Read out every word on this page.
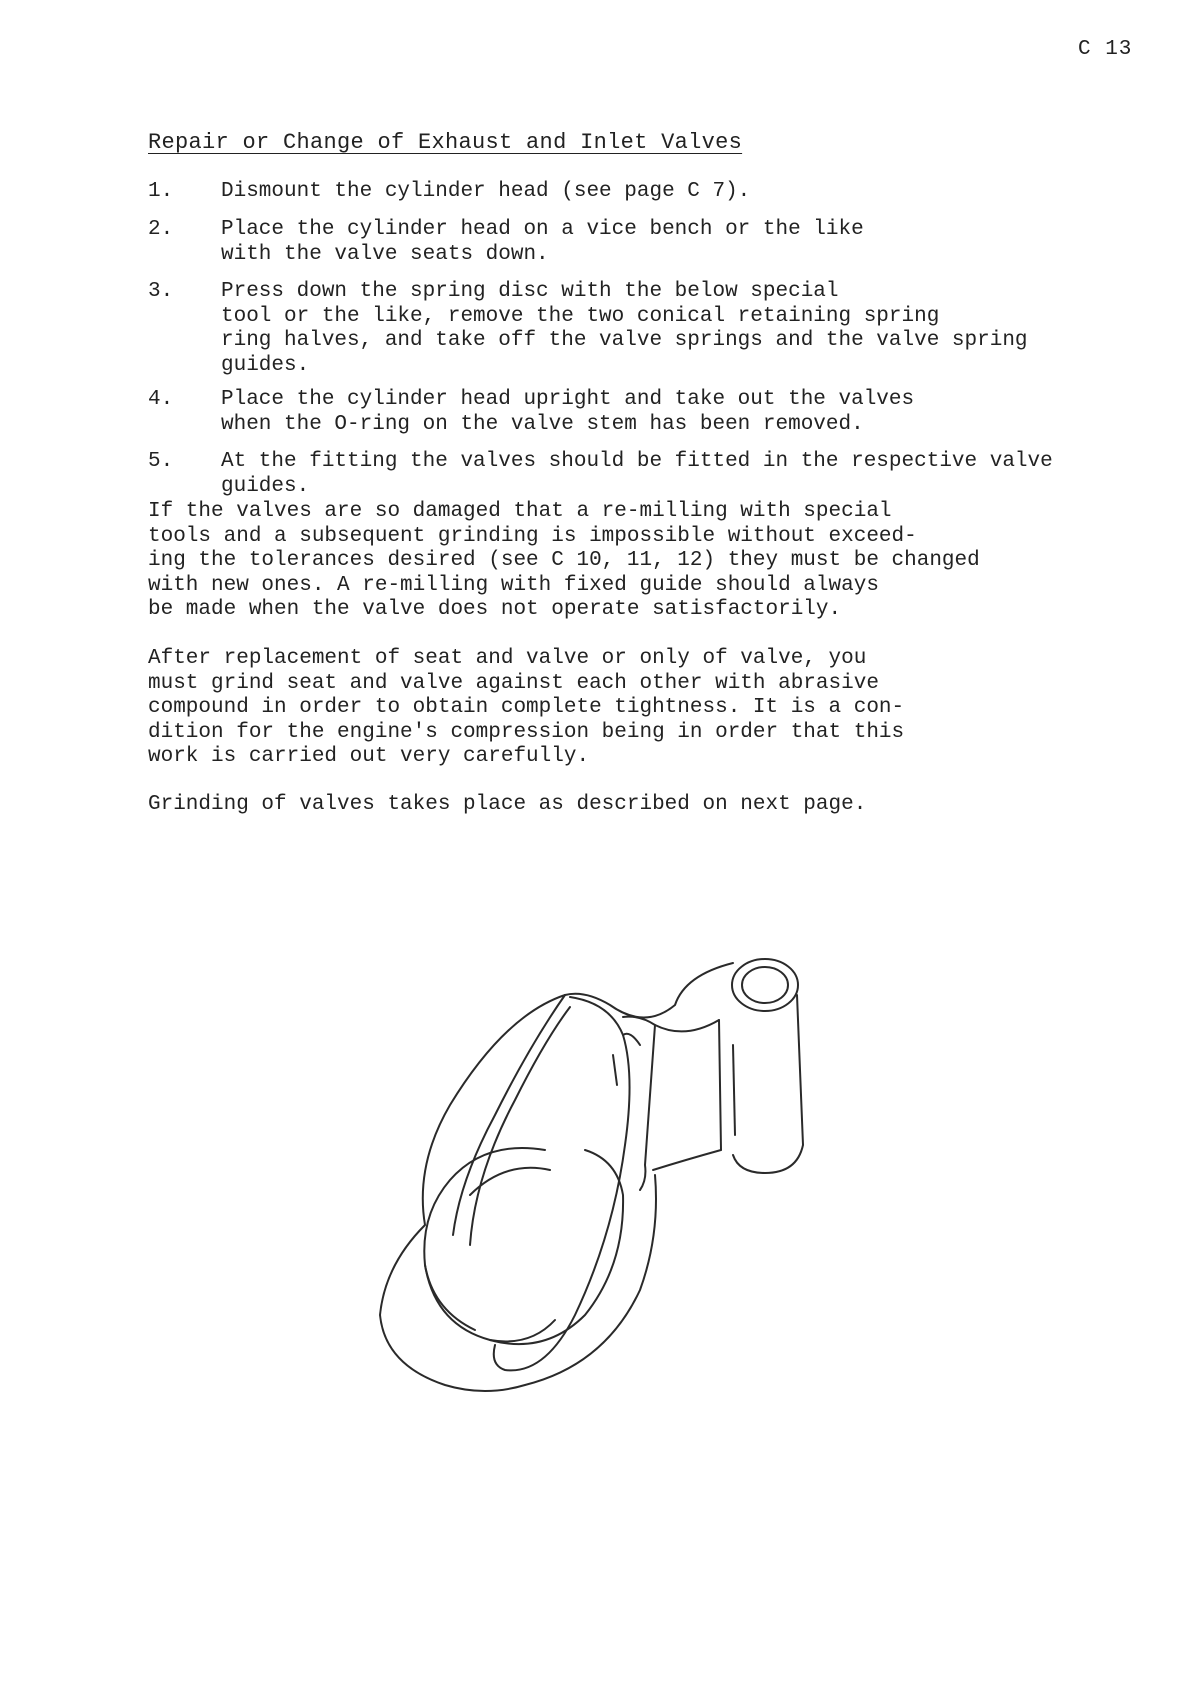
C 13
Repair or Change of Exhaust and Inlet Valves
1. Dismount the cylinder head (see page C 7).
2. Place the cylinder head on a vice bench or the like
with the valve seats down.
3. Press down the spring disc with the below special
tool or the like, remove the two conical retaining spring
ring halves, and take off the valve springs and the valve spring
guides.
4. Place the cylinder head upright and take out the valves
when the O-ring on the valve stem has been removed.
5. At the fitting the valves should be fitted in the respective valve guides.

If the valves are so damaged that a re-milling with special
tools and a subsequent grinding is impossible without exceed-
ing the tolerances desired (see C 10, 11, 12) they must be changed
with new ones. A re-milling with fixed guide should always
be made when the valve does not operate satisfactorily.

After replacement of seat and valve or only of valve, you
must grind seat and valve against each other with abrasive
compound in order to obtain complete tightness. It is a con-
dition for the engine's compression being in order that this
work is carried out very carefully.

Grinding of valves takes place as described on next page.
